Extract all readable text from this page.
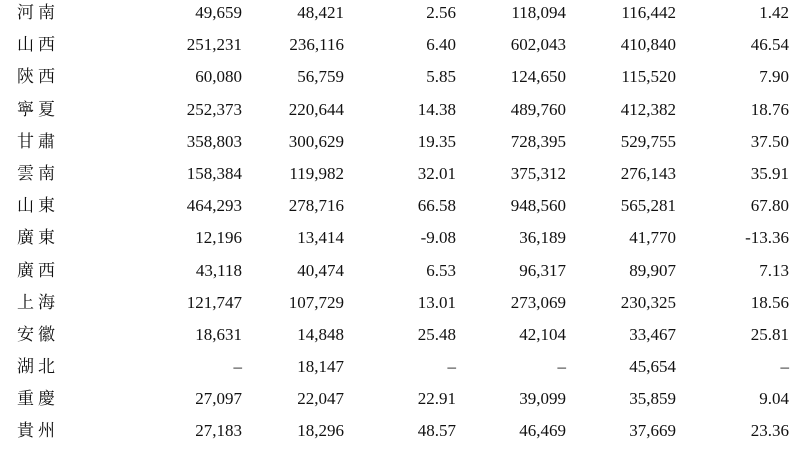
河南	49,659	48,421	2.56	118,094	116,442	1.42
山西	251,231	236,116	6.40	602,043	410,840	46.54
陝西	60,080	56,759	5.85	124,650	115,520	7.90
寧夏	252,373	220,644	14.38	489,760	412,382	18.76
甘肅	358,803	300,629	19.35	728,395	529,755	37.50
雲南	158,384	119,982	32.01	375,312	276,143	35.91
山東	464,293	278,716	66.58	948,560	565,281	67.80
廣東	12,196	13,414	-9.08	36,189	41,770	-13.36
廣西	43,118	40,474	6.53	96,317	89,907	7.13
上海	121,747	107,729	13.01	273,069	230,325	18.56
安徽	18,631	14,848	25.48	42,104	33,467	25.81
湖北	–	18,147	–	–	45,654	–
重慶	27,097	22,047	22.91	39,099	35,859	9.04
貴州	27,183	18,296	48.57	46,469	37,669	23.36
